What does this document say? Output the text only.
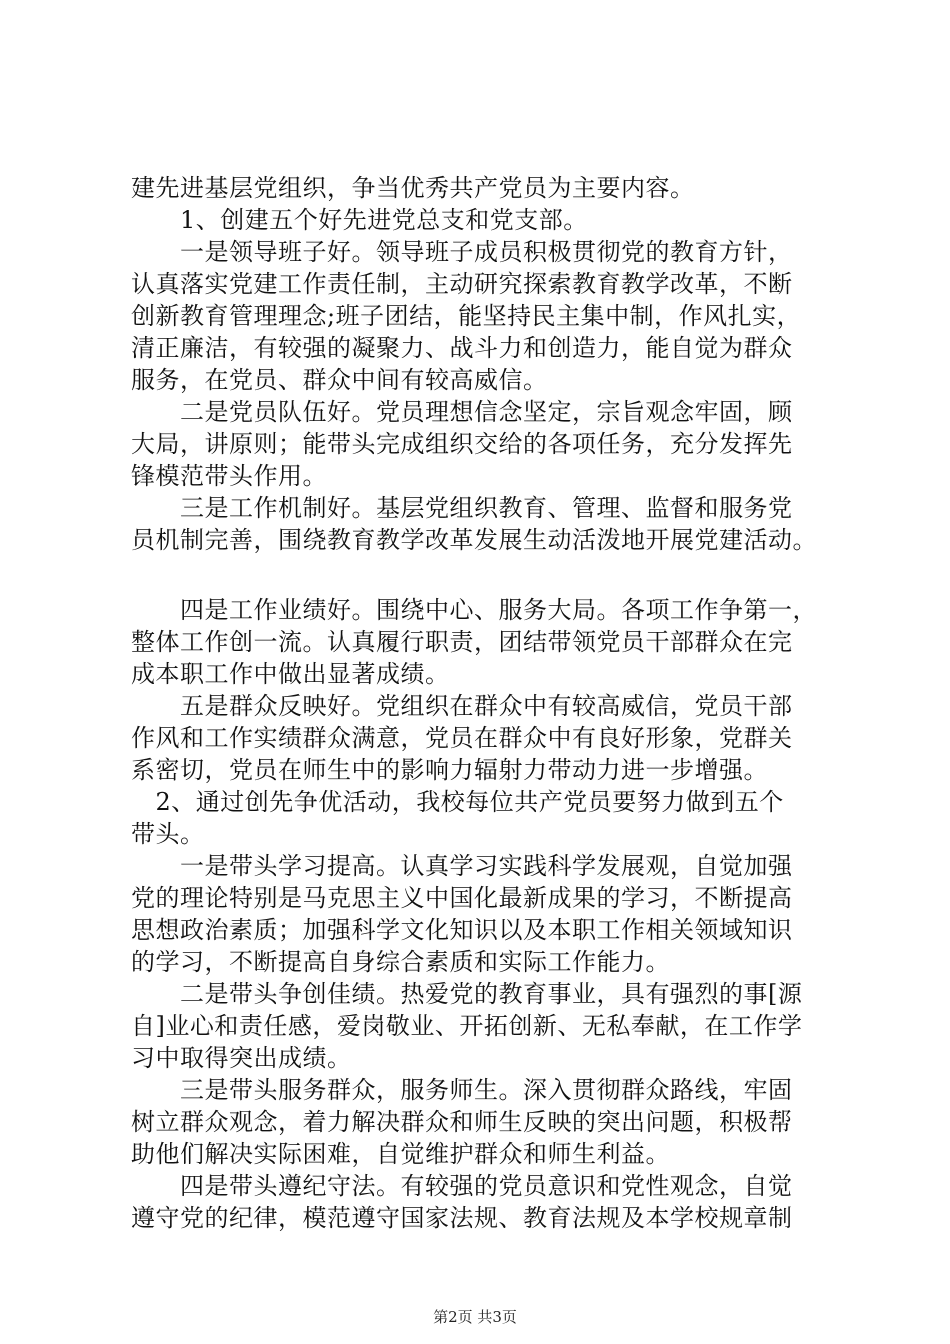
建先进基层党组织，争当优秀共产党员为主要内容。
　　1、创建五个好先进党总支和党支部。
　　一是领导班子好。领导班子成员积极贯彻党的教育方针，
认真落实党建工作责任制，主动研究探索教育教学改革，不断
创新教育管理理念;班子团结，能坚持民主集中制，作风扎实，
清正廉洁，有较强的凝聚力、战斗力和创造力，能自觉为群众
服务，在党员、群众中间有较高威信。
　　二是党员队伍好。党员理想信念坚定，宗旨观念牢固，顾
大局，讲原则；能带头完成组织交给的各项任务，充分发挥先
锋模范带头作用。
　　三是工作机制好。基层党组织教育、管理、监督和服务党
员机制完善，围绕教育教学改革发展生动活泼地开展党建活动。
　　四是工作业绩好。围绕中心、服务大局。各项工作争第一，
整体工作创一流。认真履行职责，团结带领党员干部群众在完
成本职工作中做出显著成绩。
　　五是群众反映好。党组织在群众中有较高威信，党员干部
作风和工作实绩群众满意，党员在群众中有良好形象，党群关
系密切，党员在师生中的影响力辐射力带动力进一步增强。
　2、通过创先争优活动，我校每位共产党员要努力做到五个
带头。
　　一是带头学习提高。认真学习实践科学发展观，自觉加强
党的理论特别是马克思主义中国化最新成果的学习，不断提高
思想政治素质；加强科学文化知识以及本职工作相关领域知识
的学习，不断提高自身综合素质和实际工作能力。
　　二是带头争创佳绩。热爱党的教育事业，具有强烈的事[源
自]业心和责任感，爱岗敬业、开拓创新、无私奉献，在工作学
习中取得突出成绩。
　　三是带头服务群众，服务师生。深入贯彻群众路线，牢固
树立群众观念，着力解决群众和师生反映的突出问题，积极帮
助他们解决实际困难，自觉维护群众和师生利益。
　　四是带头遵纪守法。有较强的党员意识和党性观念，自觉
遵守党的纪律，模范遵守国家法规、教育法规及本学校规章制
第2页 共3页
